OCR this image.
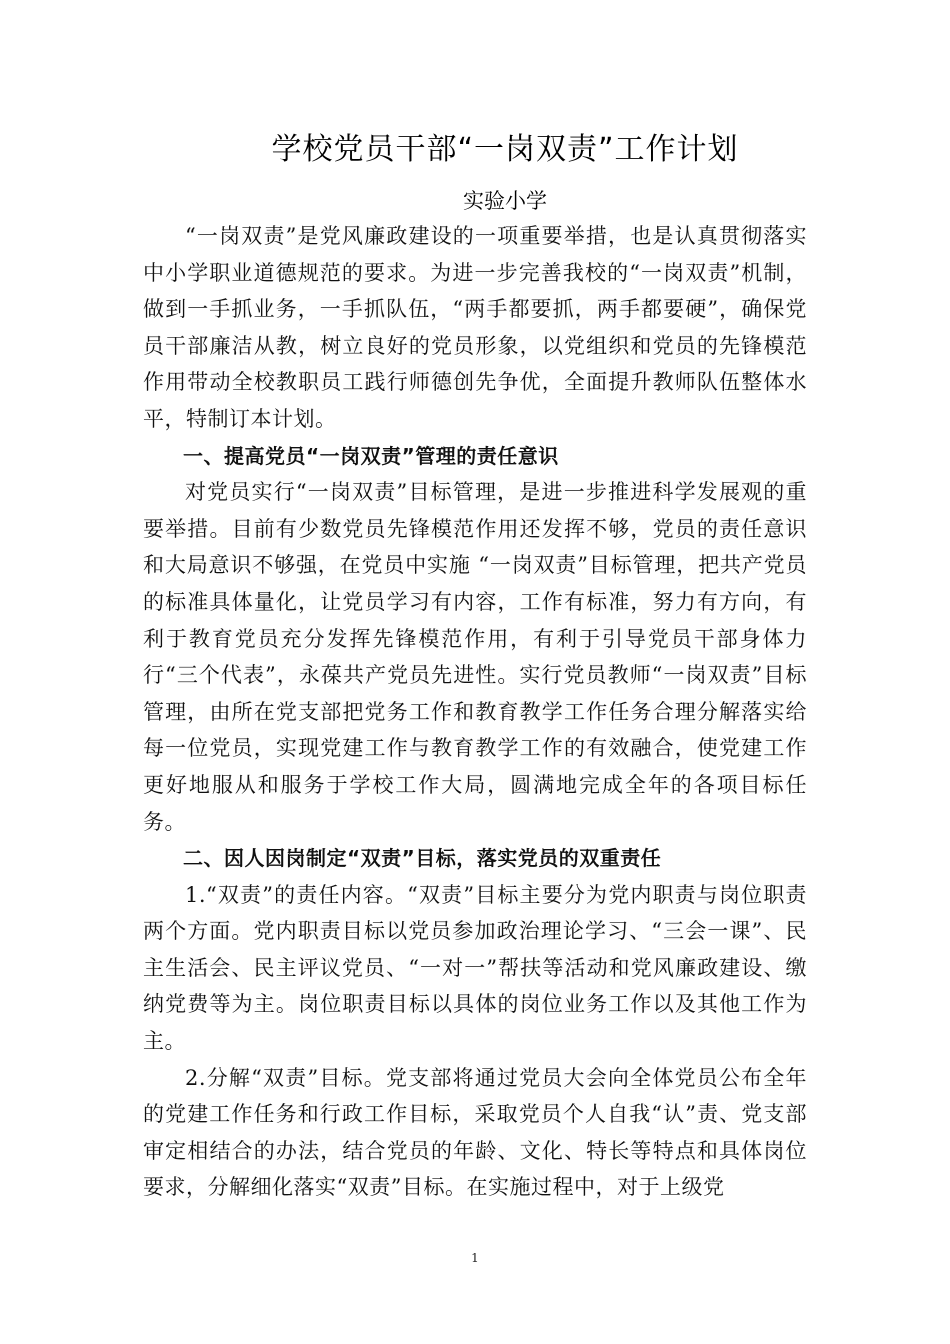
学校党员干部“一岗双责”工作计划
实验小学

“一岗双责”是党风廉政建设的一项重要举措，也是认真贯彻落实中小学职业道德规范的要求。为进一步完善我校的“一岗双责”机制，做到一手抓业务，一手抓队伍，“两手都要抓，两手都要硬”，确保党员干部廉洁从教，树立良好的党员形象，以党组织和党员的先锋模范作用带动全校教职员工践行师德创先争优，全面提升教师队伍整体水平，特制订本计划。

一、提高党员“一岗双责”管理的责任意识

对党员实行“一岗双责”目标管理，是进一步推进科学发展观的重要举措。目前有少数党员先锋模范作用还发挥不够，党员的责任意识和大局意识不够强，在党员中实施 “一岗双责”目标管理，把共产党员的标准具体量化，让党员学习有内容，工作有标准，努力有方向，有利于教育党员充分发挥先锋模范作用，有利于引导党员干部身体力行“三个代表”，永葆共产党员先进性。实行党员教师“一岗双责”目标管理，由所在党支部把党务工作和教育教学工作任务合理分解落实给每一位党员，实现党建工作与教育教学工作的有效融合，使党建工作更好地服从和服务于学校工作大局，圆满地完成全年的各项目标任务。

二、因人因岗制定“双责”目标，落实党员的双重责任

1.“双责”的责任内容。“双责”目标主要分为党内职责与岗位职责两个方面。党内职责目标以党员参加政治理论学习、“三会一课”、民主生活会、民主评议党员、“一对一”帮扶等活动和党风廉政建设、缴纳党费等为主。岗位职责目标以具体的岗位业务工作以及其他工作为主。

2.分解“双责”目标。党支部将通过党员大会向全体党员公布全年的党建工作任务和行政工作目标，采取党员个人自我“认”责、党支部审定相结合的办法，结合党员的年龄、文化、特长等特点和具体岗位要求，分解细化落实“双责”目标。在实施过程中，对于上级党

1
